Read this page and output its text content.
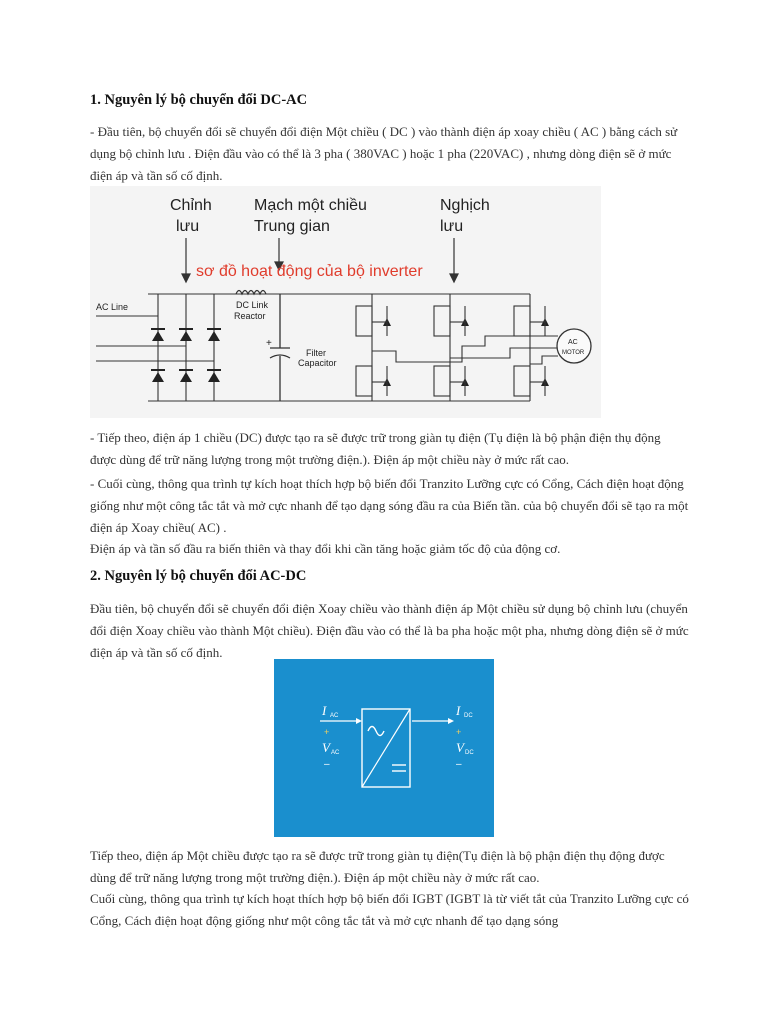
1. Nguyên lý bộ chuyển đổi DC-AC

- Đầu tiên, bộ chuyển đổi sẽ chuyển đổi điện Một chiều ( DC ) vào thành điện áp xoay chiều ( AC ) bằng cách sử dụng bộ chỉnh lưu . Điện đầu vào có thể là 3 pha ( 380VAC ) hoặc 1 pha (220VAC) , nhưng dòng điện sẽ ở mức điện áp và tần số cố định.

Chỉnh
lưu
Mạch một chiều
Trung gian
Nghịch
lưu
sơ đồ hoạt động của bộ inverter
AC Line	DC Link
Reactor
+
Filter
Capacitor
AC
MOTOR

- Tiếp theo, điện áp 1 chiều (DC) được tạo ra sẽ được trữ trong giàn tụ điện (Tụ điện là bộ phận điện thụ động được dùng để trữ năng lượng trong một trường điện.). Điện áp một chiều này ở mức rất cao.

- Cuối cùng, thông qua trình tự kích hoạt thích hợp bộ biến đổi Tranzito Lưỡng cực có Cổng, Cách điện hoạt động giống như một công tắc tắt và mở cực nhanh để tạo dạng sóng đầu ra của Biến tần. của bộ chuyển đổi sẽ tạo ra một điện áp Xoay chiều( AC) .

Điện áp và tần số đầu ra biến thiên và thay đổi khi cần tăng hoặc giảm tốc độ của động cơ.

2. Nguyên lý bộ chuyển đổi AC-DC

Đầu tiên, bộ chuyển đổi sẽ chuyển đổi điện Xoay chiều vào thành điện áp Một chiều sử dụng bộ chỉnh lưu (chuyển đổi điện Xoay chiều vào thành Một chiều). Điện đầu vào có thể là ba pha hoặc một pha, nhưng dòng điện sẽ ở mức điện áp và tần số cố định.

I AC
+
V AC
–
I DC
+
V DC
–

Tiếp theo, điện áp Một chiều được tạo ra sẽ được trữ trong giàn tụ điện(Tụ điện là bộ phận điện thụ động được dùng để trữ năng lượng trong một trường điện.). Điện áp một chiều này ở mức rất cao.

Cuối cùng, thông qua trình tự kích hoạt thích hợp bộ biến đổi IGBT (IGBT là từ viết tắt của Tranzito Lưỡng cực có Cổng, Cách điện hoạt động giống như một công tắc tắt và mở cực nhanh để tạo dạng sóng
